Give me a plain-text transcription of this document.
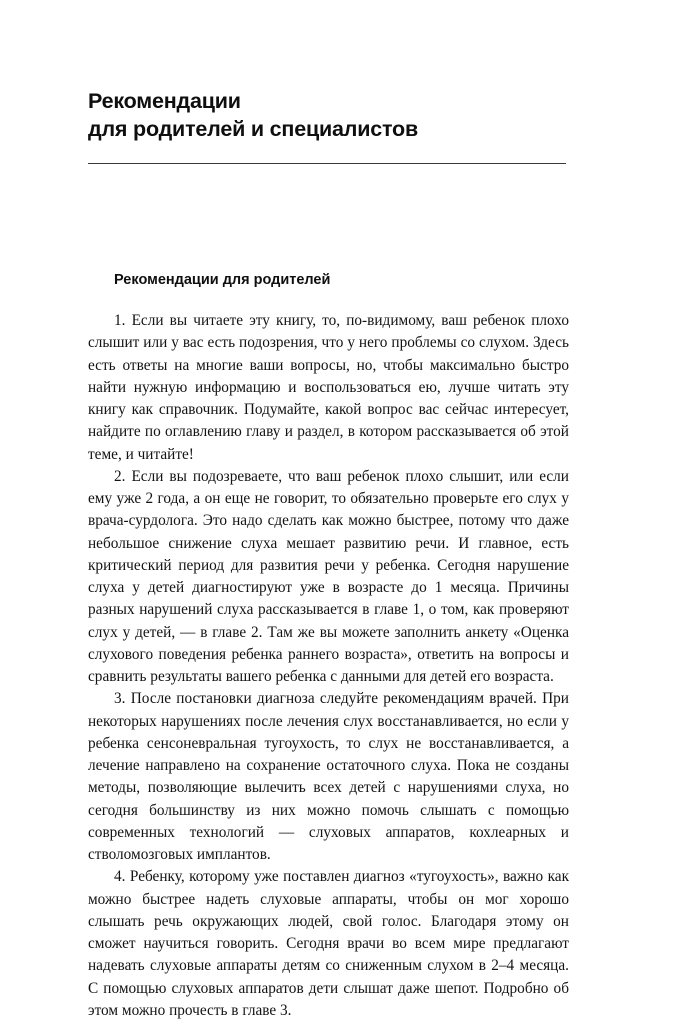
Рекомендации
для родителей и специалистов
Рекомендации для родителей

1. Если вы читаете эту книгу, то, по-видимому, ваш ребенок плохо слышит или у вас есть подозрения, что у него проблемы со слухом. Здесь есть ответы на многие ваши вопросы, но, чтобы максимально быстро найти нужную информацию и воспользоваться ею, лучше читать эту книгу как справочник. Подумайте, какой вопрос вас сейчас интересует, найдите по оглавлению главу и раздел, в котором рассказывается об этой теме, и читайте!

2. Если вы подозреваете, что ваш ребенок плохо слышит, или если ему уже 2 года, а он еще не говорит, то обязательно проверьте его слух у врача-сурдолога. Это надо сделать как можно быстрее, потому что даже небольшое снижение слуха мешает развитию речи. И главное, есть критический период для развития речи у ребенка. Сегодня нарушение слуха у детей диагностируют уже в возрасте до 1 месяца. Причины разных нарушений слуха рассказывается в главе 1, о том, как проверяют слух у детей, — в главе 2. Там же вы можете заполнить анкету «Оценка слухового поведения ребенка раннего возраста», ответить на вопросы и сравнить результаты вашего ребенка с данными для детей его возраста.

3. После постановки диагноза следуйте рекомендациям врачей. При некоторых нарушениях после лечения слух восстанавливается, но если у ребенка сенсоневральная тугоухость, то слух не восстанавливается, а лечение направлено на сохранение остаточного слуха. Пока не созданы методы, позволяющие вылечить всех детей с нарушениями слуха, но сегодня большинству из них можно помочь слышать с помощью современных технологий — слуховых аппаратов, кохлеарных и стволомозговых имплантов.

4. Ребенку, которому уже поставлен диагноз «тугоухость», важно как можно быстрее надеть слуховые аппараты, чтобы он мог хорошо слышать речь окружающих людей, свой голос. Благодаря этому он сможет научиться говорить. Сегодня врачи во всем мире предлагают надевать слуховые аппараты детям со сниженным слухом в 2–4 месяца. С помощью слуховых аппаратов дети слышат даже шепот. Подробно об этом можно прочесть в главе 3.
